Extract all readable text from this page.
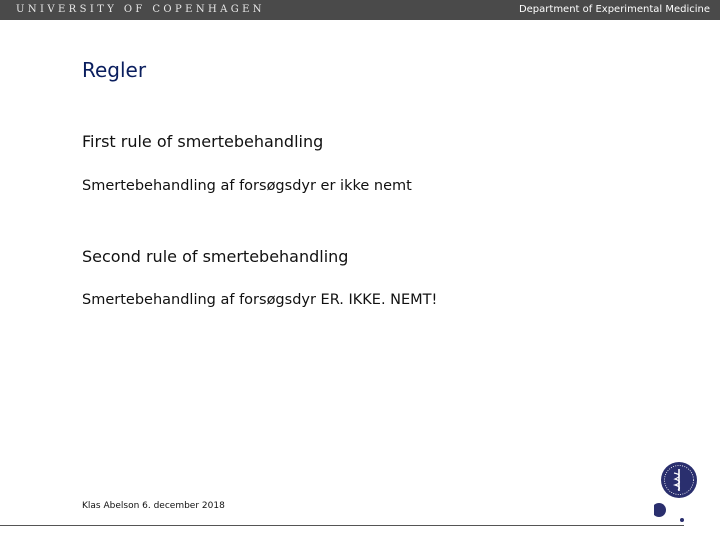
UNIVERSITY OF COPENHAGEN	Department of Experimental Medicine
Regler
First rule of smertebehandling

Smertebehandling af forsøgsdyr er ikke nemt

Second rule of smertebehandling

Smertebehandling af forsøgsdyr ER. IKKE. NEMT!

Klas Abelson 6. december 2018
